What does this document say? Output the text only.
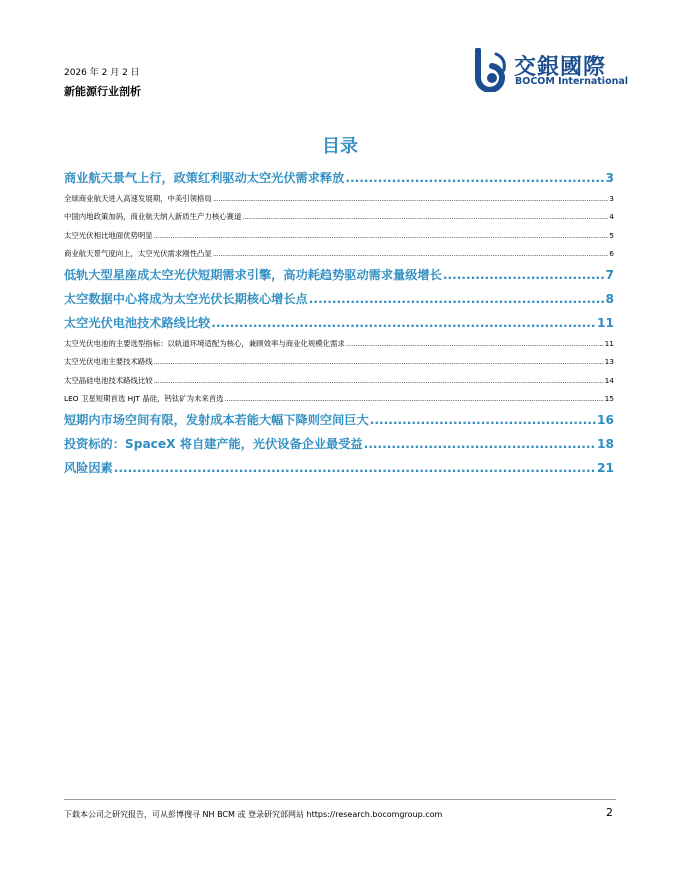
2026 年 2 月 2 日
新能源行业剖析
交銀國際
BOCOM International
目录
商业航天景气上行，政策红利驱动太空光伏需求释放 .....	3
全球商业航天进入高速发展期，中美引领格局 .....	3
中国内地政策加码，商业航天纳入新质生产力核心赛道 .....	4
太空光伏相比地面优势明显 .....	5
商业航天景气度向上，太空光伏需求刚性凸显 .....	6
低轨大型星座成太空光伏短期需求引擎，高功耗趋势驱动需求量级增长 .....	7
太空数据中心将成为太空光伏长期核心增长点 .....	8
太空光伏电池技术路线比较 .....	11
太空光伏电池的主要选型指标：以轨道环境适配为核心，兼顾效率与商业化规模化需求 .....	11
太空光伏电池主要技术路线 .....	13
太空晶硅电池技术路线比较 .....	14
LEO 卫星短期首选 HJT 晶硅，钙钛矿为未来首选 .....	15
短期内市场空间有限，发射成本若能大幅下降则空间巨大 .....	16
投资标的：SpaceX 将自建产能，光伏设备企业最受益 .....	18
风险因素 .....	21
下载本公司之研究报告，可从彭博搜寻 NH BCM 或 登录研究部网站 https://research.bocomgroup.com	2
